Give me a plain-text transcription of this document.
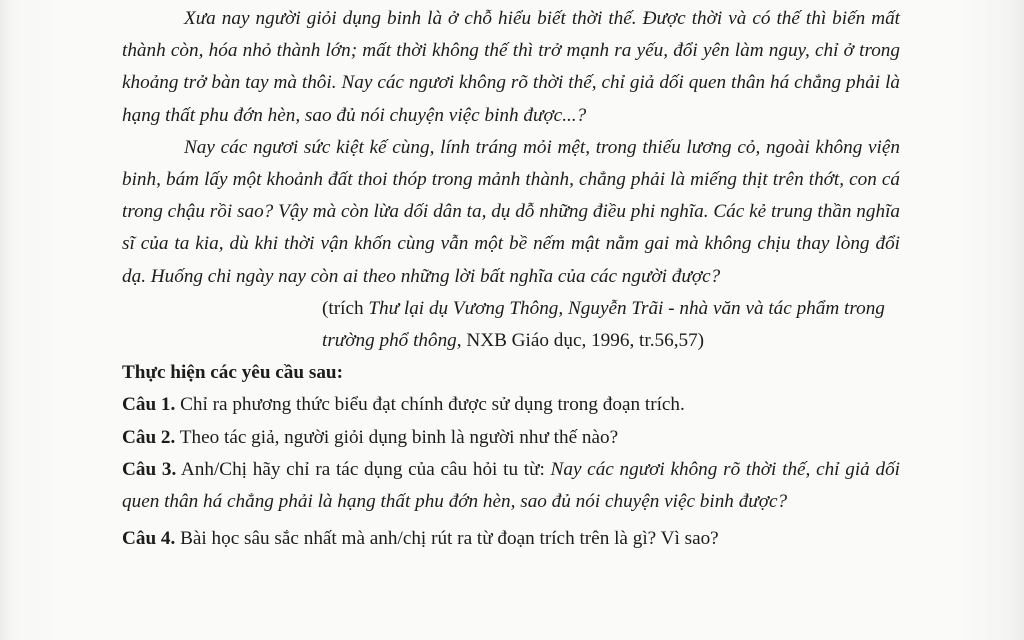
Xưa nay người giỏi dụng binh là ở chỗ hiểu biết thời thế. Được thời và có thế thì biến mất thành còn, hóa nhỏ thành lớn; mất thời không thế thì trở mạnh ra yếu, đổi yên làm nguy, chỉ ở trong khoảng trở bàn tay mà thôi. Nay các ngươi không rõ thời thế, chỉ giả dối quen thân há chẳng phải là hạng thất phu đớn hèn, sao đủ nói chuyện việc binh được...?

Nay các ngươi sức kiệt kế cùng, lính tráng mỏi mệt, trong thiếu lương cỏ, ngoài không viện binh, bám lấy một khoảnh đất thoi thóp trong mảnh thành, chẳng phải là miếng thịt trên thớt, con cá trong chậu rồi sao? Vậy mà còn lừa dối dân ta, dụ dỗ những điều phi nghĩa. Các kẻ trung thần nghĩa sĩ của ta kia, dù khi thời vận khốn cùng vẫn một bề nếm mật nằm gai mà không chịu thay lòng đổi dạ. Huống chi ngày nay còn ai theo những lời bất nghĩa của các người được?

(trích Thư lại dụ Vương Thông, Nguyễn Trãi - nhà văn và tác phẩm trong trường phổ thông, NXB Giáo dục, 1996, tr.56,57)

Thực hiện các yêu cầu sau:

Câu 1. Chỉ ra phương thức biểu đạt chính được sử dụng trong đoạn trích.

Câu 2. Theo tác giả, người giỏi dụng binh là người như thế nào?

Câu 3. Anh/Chị hãy chỉ ra tác dụng của câu hỏi tu từ: Nay các ngươi không rõ thời thế, chỉ giả dối quen thân há chẳng phải là hạng thất phu đớn hèn, sao đủ nói chuyện việc binh được?

Câu 4. Bài học sâu sắc nhất mà anh/chị rút ra từ đoạn trích trên là gì? Vì sao?
